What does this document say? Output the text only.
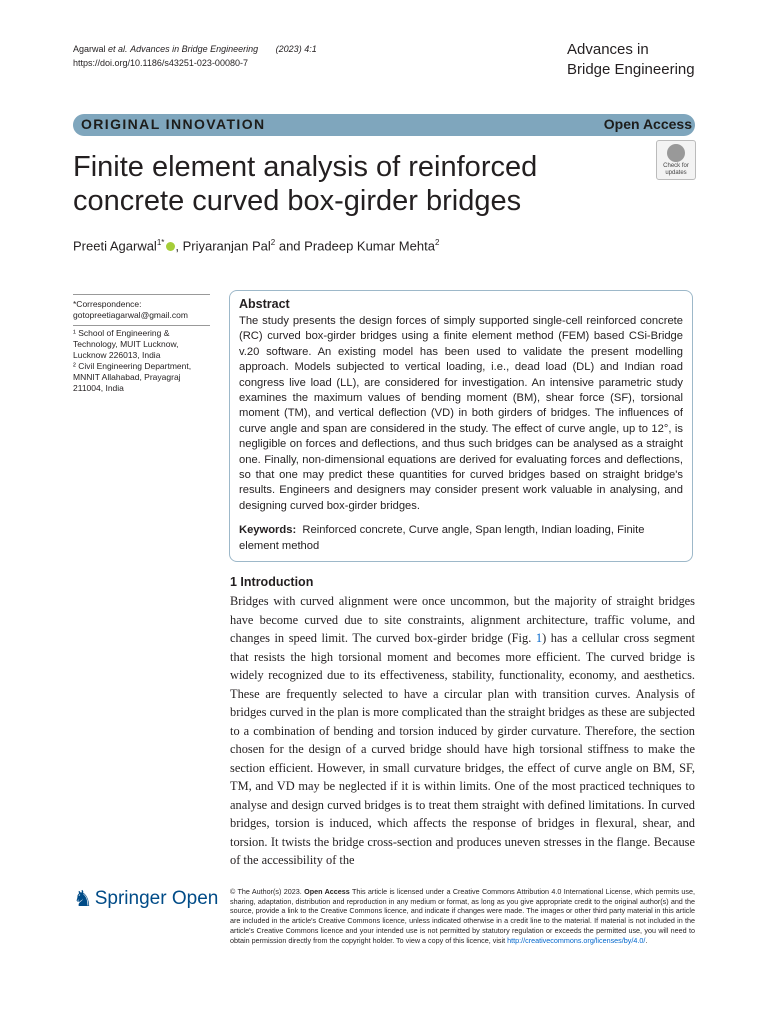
Agarwal et al. Advances in Bridge Engineering (2023) 4:1
https://doi.org/10.1186/s43251-023-00080-7
Advances in
Bridge Engineering
ORIGINAL INNOVATION	Open Access
Check for
updates
Finite element analysis of reinforced
concrete curved box-girder bridges
Preeti Agarwal$^{1*}$ , Priyaranjan Pal$^2$ and Pradeep Kumar Mehta$^2$
*Correspondence:
gotopreetiagarwal@gmail.com
¹ School of Engineering & Technology, MUIT Lucknow, Lucknow 226013, India
² Civil Engineering Department, MNNIT Allahabad, Prayagraj 211004, India
Abstract

The study presents the design forces of simply supported single-cell reinforced concrete (RC) curved box-girder bridges using a finite element method (FEM) based CSi-Bridge v.20 software. An existing model has been used to validate the present modelling approach. Models subjected to vertical loading, i.e., dead load (DL) and Indian road congress live load (LL), are considered for investigation. An intensive parametric study examines the maximum values of bending moment (BM), shear force (SF), torsional moment (TM), and vertical deflection (VD) in both girders of bridges. The influences of curve angle and span are considered in the study. The effect of curve angle, up to 12°, is negligible on forces and deflections, and thus such bridges can be analysed as a straight one. Finally, non-dimensional equations are derived for evaluating forces and deflections, so that one may predict these quantities for curved bridges based on straight bridge's results. Engineers and designers may consider present work valuable in analysing, and designing curved box-girder bridges.

Keywords: Reinforced concrete, Curve angle, Span length, Indian loading, Finite element method
1 Introduction
Bridges with curved alignment were once uncommon, but the majority of straight bridges have become curved due to site constraints, alignment architecture, traffic volume, and changes in speed limit. The curved box-girder bridge (Fig. 1) has a cellular cross segment that resists the high torsional moment and becomes more efficient. The curved bridge is widely recognized due to its effectiveness, stability, functionality, economy, and aesthetics. These are frequently selected to have a circular plan with transition curves. Analysis of bridges curved in the plan is more complicated than the straight bridges as these are subjected to a combination of bending and torsion induced by girder curvature. Therefore, the section chosen for the design of a curved bridge should have high torsional stiffness to make the section efficient. However, in small curvature bridges, the effect of curve angle on BM, SF, TM, and VD may be neglected if it is within limits. One of the most practiced techniques to analyse and design curved bridges is to treat them straight with defined limitations. In curved bridges, torsion is induced, which affects the response of bridges in flexural, shear, and torsion. It twists the bridge cross-section and produces uneven stresses in the flange. Because of the accessibility of the
♞ Springer Open © The Author(s) 2023. Open Access This article is licensed under a Creative Commons Attribution 4.0 International License, which permits use, sharing, adaptation, distribution and reproduction in any medium or format, as long as you give appropriate credit to the original author(s) and the source, provide a link to the Creative Commons licence, and indicate if changes were made. The images or other third party material in this article are included in the article's Creative Commons licence, unless indicated otherwise in a credit line to the material. If material is not included in the article's Creative Commons licence and your intended use is not permitted by statutory regulation or exceeds the permitted use, you will need to obtain permission directly from the copyright holder. To view a copy of this licence, visit http://creativecommons.org/licenses/by/4.0/.
